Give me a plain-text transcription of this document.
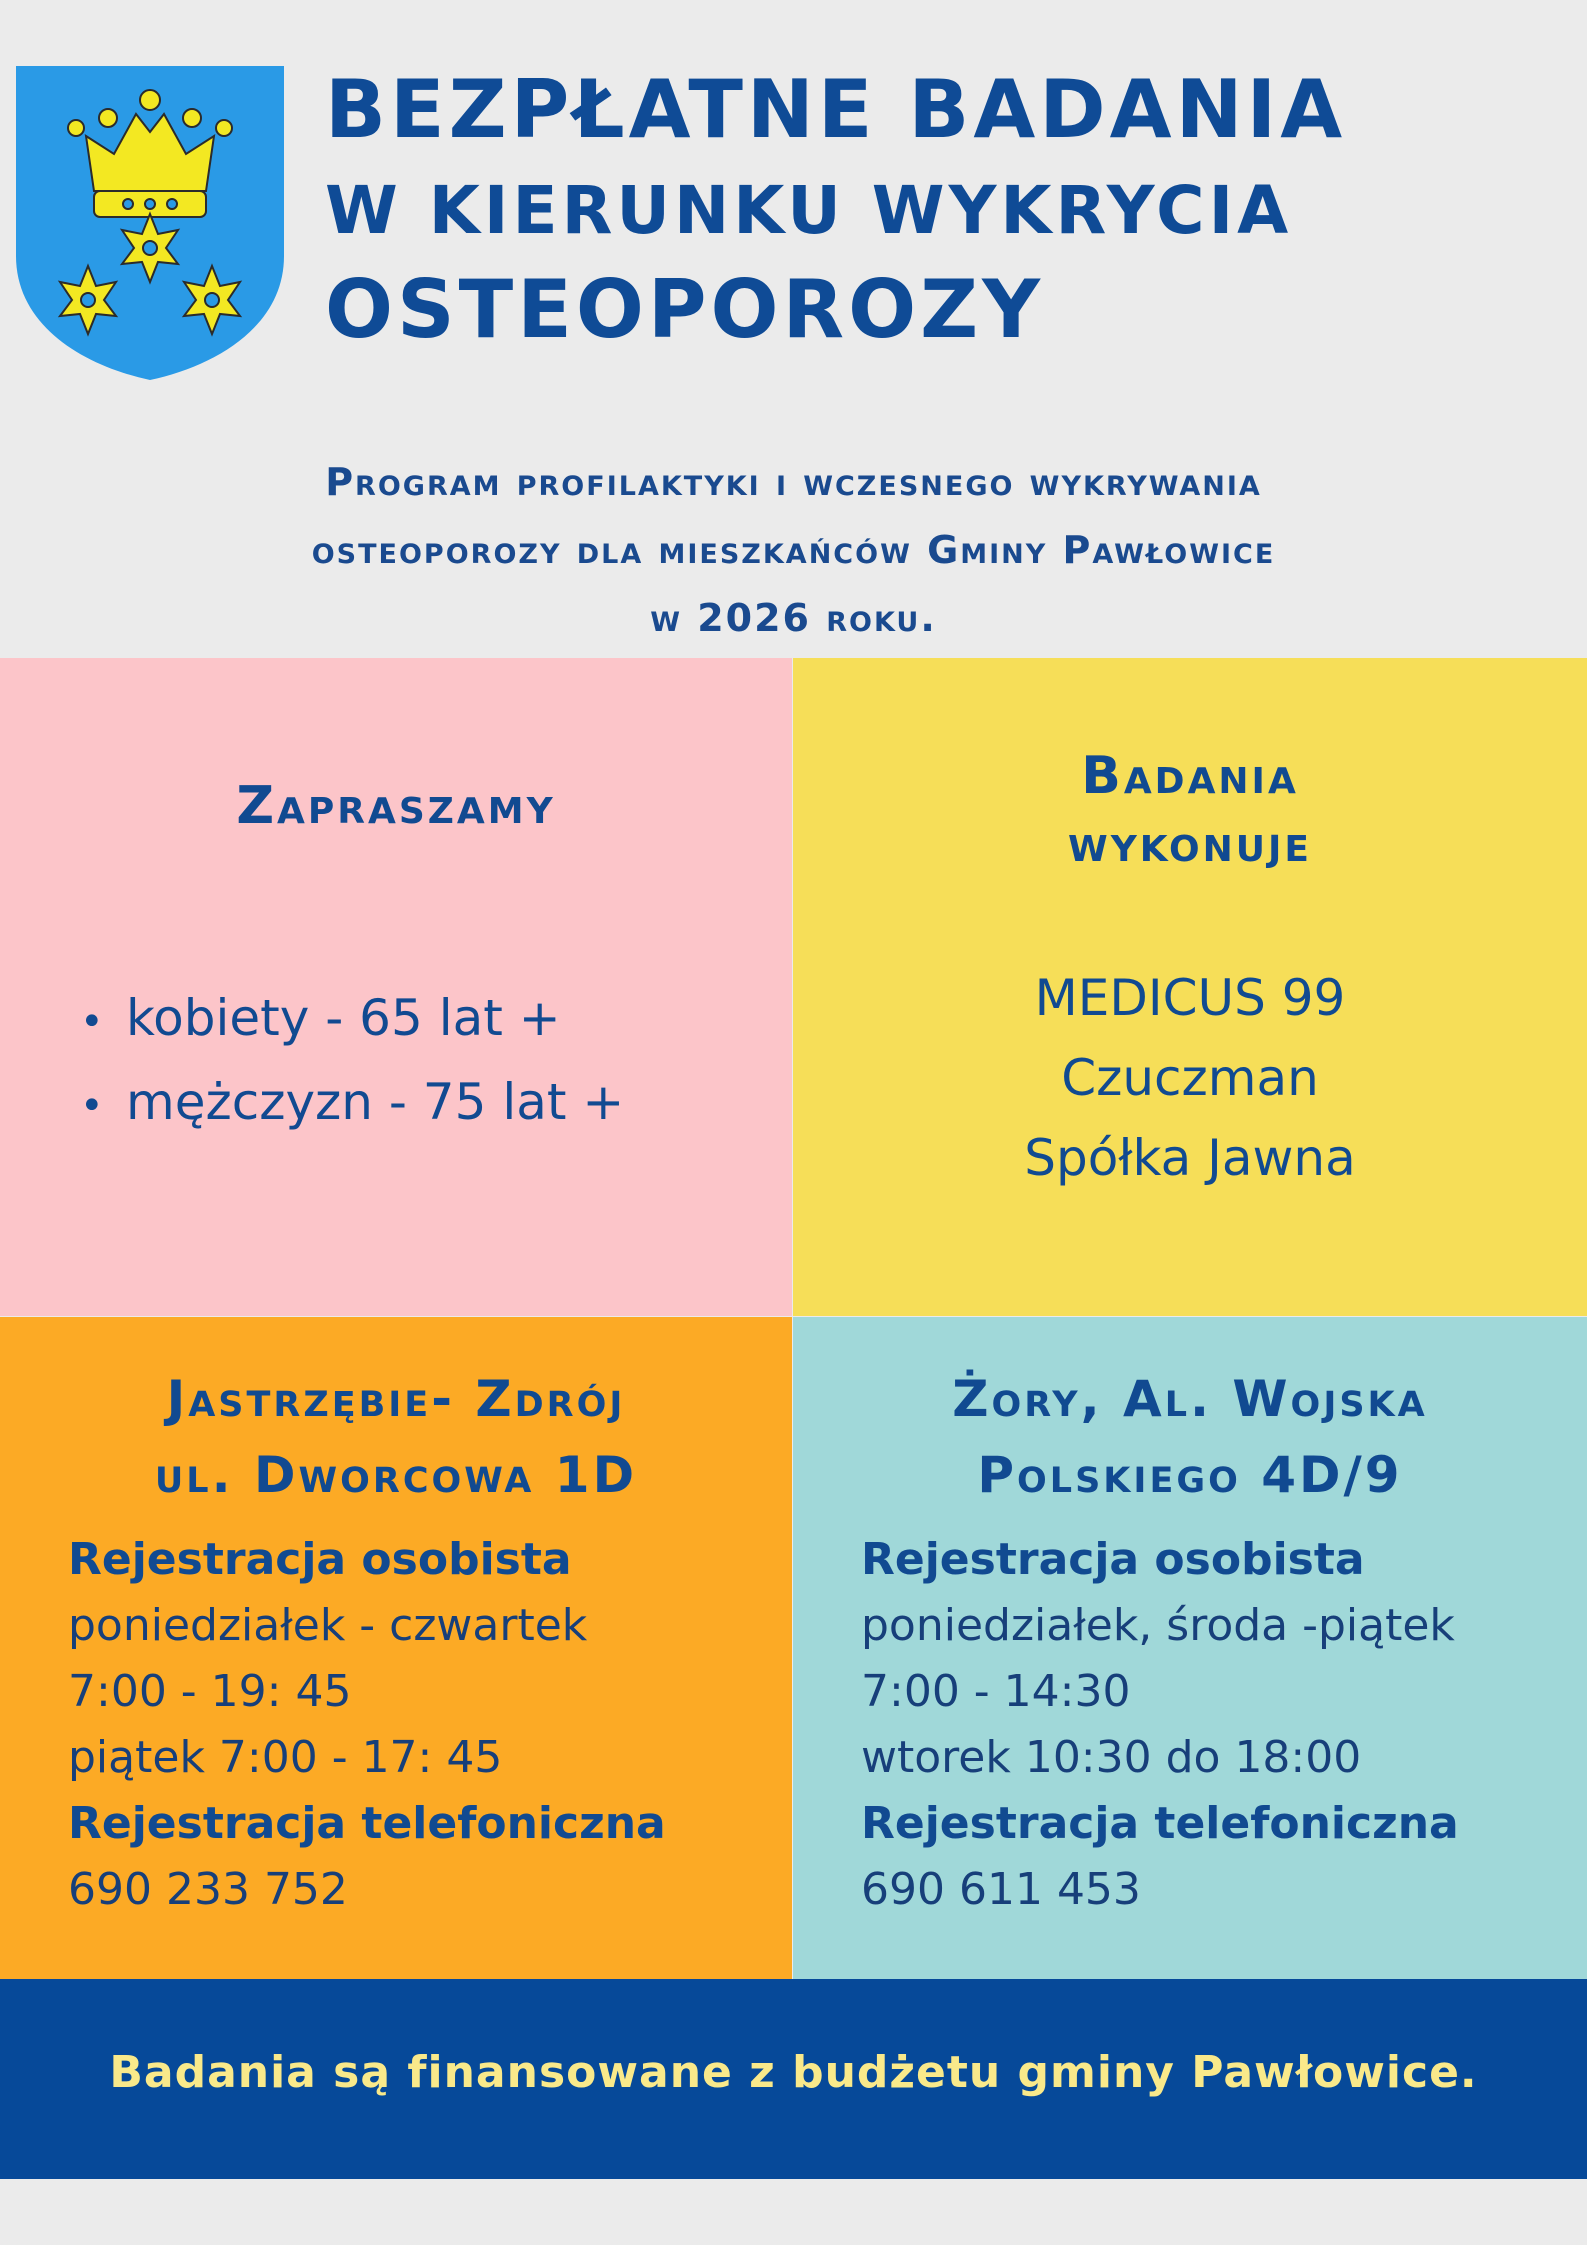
BEZPŁATNE BADANIA
W KIERUNKU WYKRYCIA
OSTEOPOROZY
Program profilaktyki i wczesnego wykrywania
osteoporozy dla mieszkańców Gminy Pawłowice
w 2026 roku.
Zapraszamy
• kobiety - 65 lat +
• mężczyzn - 75 lat +
Badania
wykonuje
MEDICUS 99
Czuczman
Spółka Jawna
Jastrzębie- Zdrój
ul. Dworcowa 1D
Rejestracja osobista
poniedziałek - czwartek
7:00 - 19: 45
piątek 7:00 - 17: 45
Rejestracja telefoniczna
690 233 752
Żory, Al. Wojska
Polskiego 4D/9
Rejestracja osobista
poniedziałek, środa -piątek
7:00 - 14:30
wtorek 10:30 do 18:00
Rejestracja telefoniczna
690 611 453
Badania są finansowane z budżetu gminy Pawłowice.
